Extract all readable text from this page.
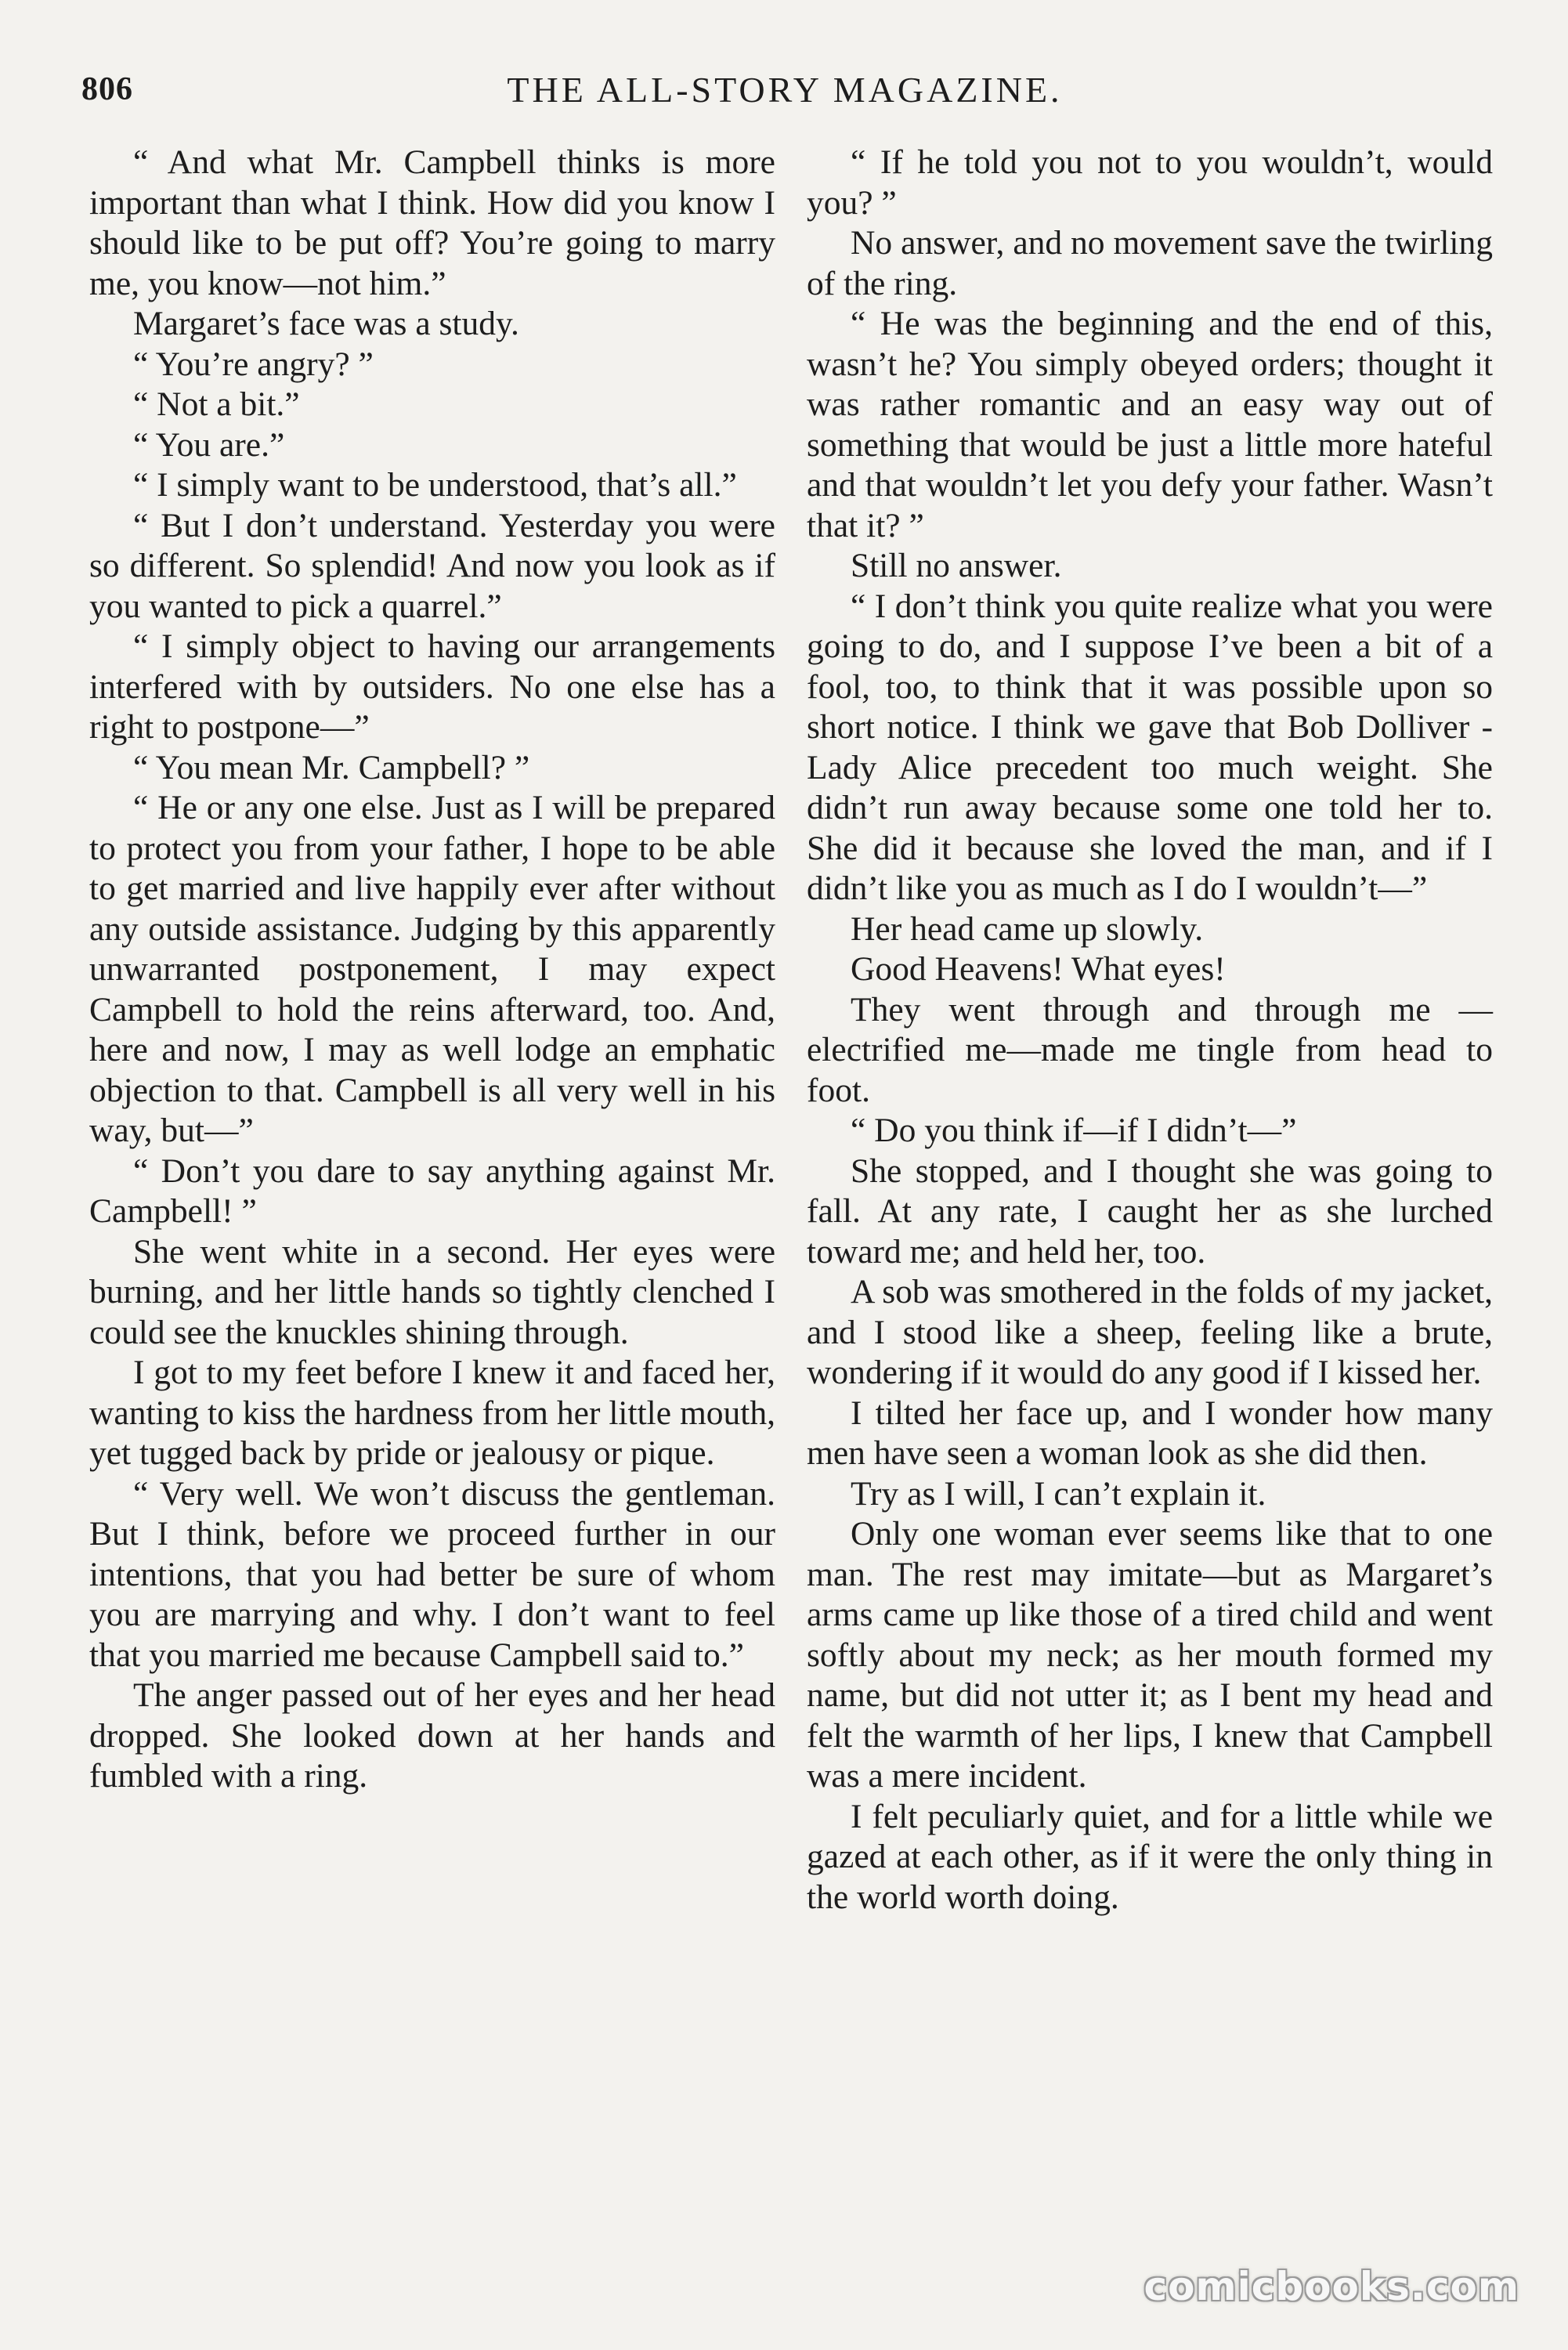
806	THE ALL-STORY MAGAZINE.

“ And what Mr. Campbell thinks is more important than what I think. How did you know I should like to be put off? You’re going to marry me, you know—not him.”

Margaret’s face was a study.

“ You’re angry? ”

“ Not a bit.”

“ You are.”

“ I simply want to be understood, that’s all.”

“ But I don’t understand. Yesterday you were so different. So splendid! And now you look as if you wanted to pick a quarrel.”

“ I simply object to having our arrangements interfered with by outsiders. No one else has a right to postpone—”

“ You mean Mr. Campbell? ”

“ He or any one else. Just as I will be prepared to protect you from your father, I hope to be able to get married and live happily ever after without any outside assistance. Judging by this apparently unwarranted postponement, I may expect Campbell to hold the reins afterward, too. And, here and now, I may as well lodge an emphatic objection to that. Campbell is all very well in his way, but—”

“ Don’t you dare to say anything against Mr. Campbell! ”

She went white in a second. Her eyes were burning, and her little hands so tightly clenched I could see the knuckles shining through.

I got to my feet before I knew it and faced her, wanting to kiss the hardness from her little mouth, yet tugged back by pride or jealousy or pique.

“ Very well. We won’t discuss the gentleman. But I think, before we proceed further in our intentions, that you had better be sure of whom you are marrying and why. I don’t want to feel that you married me because Campbell said to.”

The anger passed out of her eyes and her head dropped. She looked down at her hands and fumbled with a ring.

“ If he told you not to you wouldn’t, would you? ”

No answer, and no movement save the twirling of the ring.

“ He was the beginning and the end of this, wasn’t he? You simply obeyed orders; thought it was rather romantic and an easy way out of something that would be just a little more hateful and that wouldn’t let you defy your father. Wasn’t that it? ”

Still no answer.

“ I don’t think you quite realize what you were going to do, and I suppose I’ve been a bit of a fool, too, to think that it was possible upon so short notice. I think we gave that Bob Dolliver - Lady Alice precedent too much weight. She didn’t run away because some one told her to. She did it because she loved the man, and if I didn’t like you as much as I do I wouldn’t—”

Her head came up slowly.

Good Heavens! What eyes!

They went through and through me —electrified me—made me tingle from head to foot.

“ Do you think if—if I didn’t—”

She stopped, and I thought she was going to fall. At any rate, I caught her as she lurched toward me; and held her, too.

A sob was smothered in the folds of my jacket, and I stood like a sheep, feeling like a brute, wondering if it would do any good if I kissed her.

I tilted her face up, and I wonder how many men have seen a woman look as she did then.

Try as I will, I can’t explain it.

Only one woman ever seems like that to one man. The rest may imitate—but as Margaret’s arms came up like those of a tired child and went softly about my neck; as her mouth formed my name, but did not utter it; as I bent my head and felt the warmth of her lips, I knew that Campbell was a mere incident.

I felt peculiarly quiet, and for a little while we gazed at each other, as if it were the only thing in the world worth doing.

comicbooks.com
